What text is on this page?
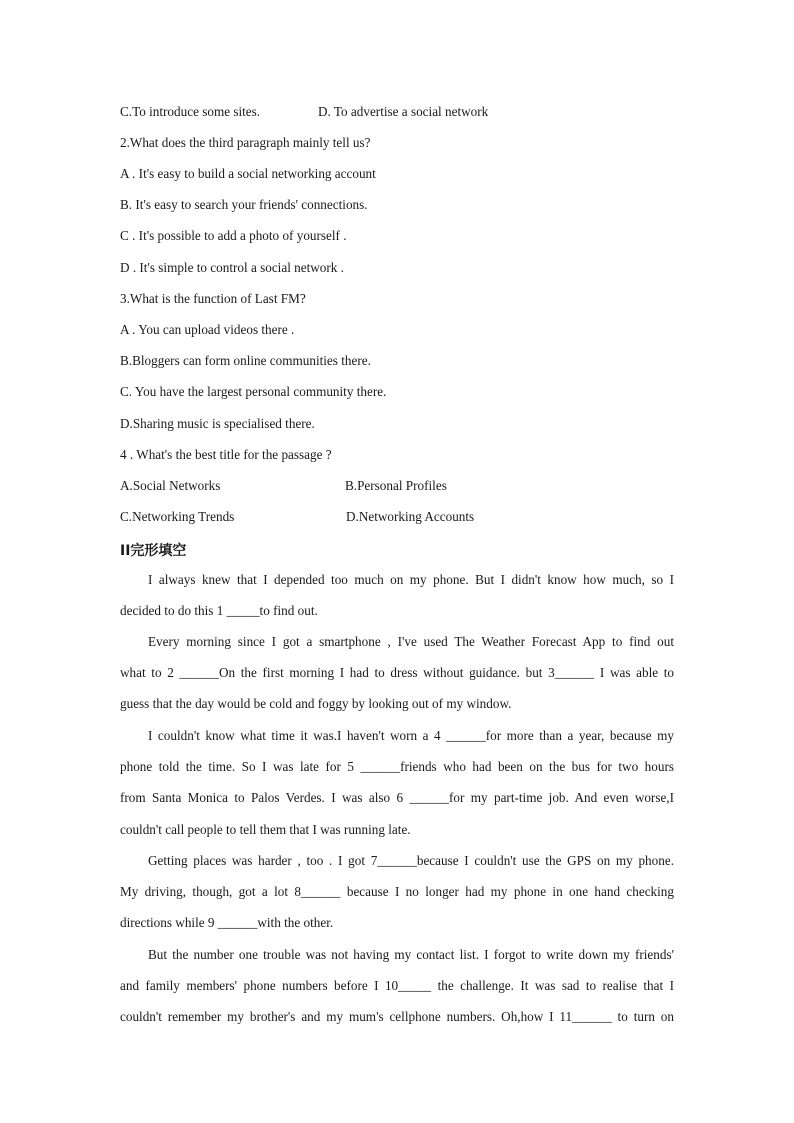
C.To introduce some sites.	D. To advertise a social network
2.What does the third paragraph mainly tell us?
A . It's easy to build a social networking account
B. It's easy to search your friends' connections.
C . It's possible to add a photo of yourself .
D . It's simple to control a social network .
3.What is the function of Last FM?
A . You can upload videos there .
B.Bloggers can form online communities there.
C. You have the largest personal community there.
D.Sharing music is specialised there.
4 . What's the best title for the passage ?
A.Social Networks	B.Personal Profiles
C.Networking Trends	D.Networking Accounts
II完形填空
I always knew that I depended too much on my phone. But I didn't know how much, so I
decided to do this 1 _____to find out.
Every morning since I got a smartphone , I've used The Weather Forecast App to find out
what to 2 ______On the first morning I had to dress without guidance. but 3______ I was able to
guess that the day would be cold and foggy by looking out of my window.
I couldn't know what time it was.I haven't worn a 4 ______for more than a year, because my
phone told the time. So I was late for 5 ______friends who had been on the bus for two hours
from Santa Monica to Palos Verdes. I was also 6 ______for my part-time job. And even worse,I
couldn't call people to tell them that I was running late.
Getting places was harder , too . I got 7______because I couldn't use the GPS on my phone.
My driving, though, got a lot 8______ because I no longer had my phone in one hand checking
directions while 9 ______with the other.
But the number one trouble was not having my contact list. I forgot to write down my friends'
and family members' phone numbers before I 10_____ the challenge. It was sad to realise that I
couldn't remember my brother's and my mum's cellphone numbers. Oh,how I 11______ to turn on
